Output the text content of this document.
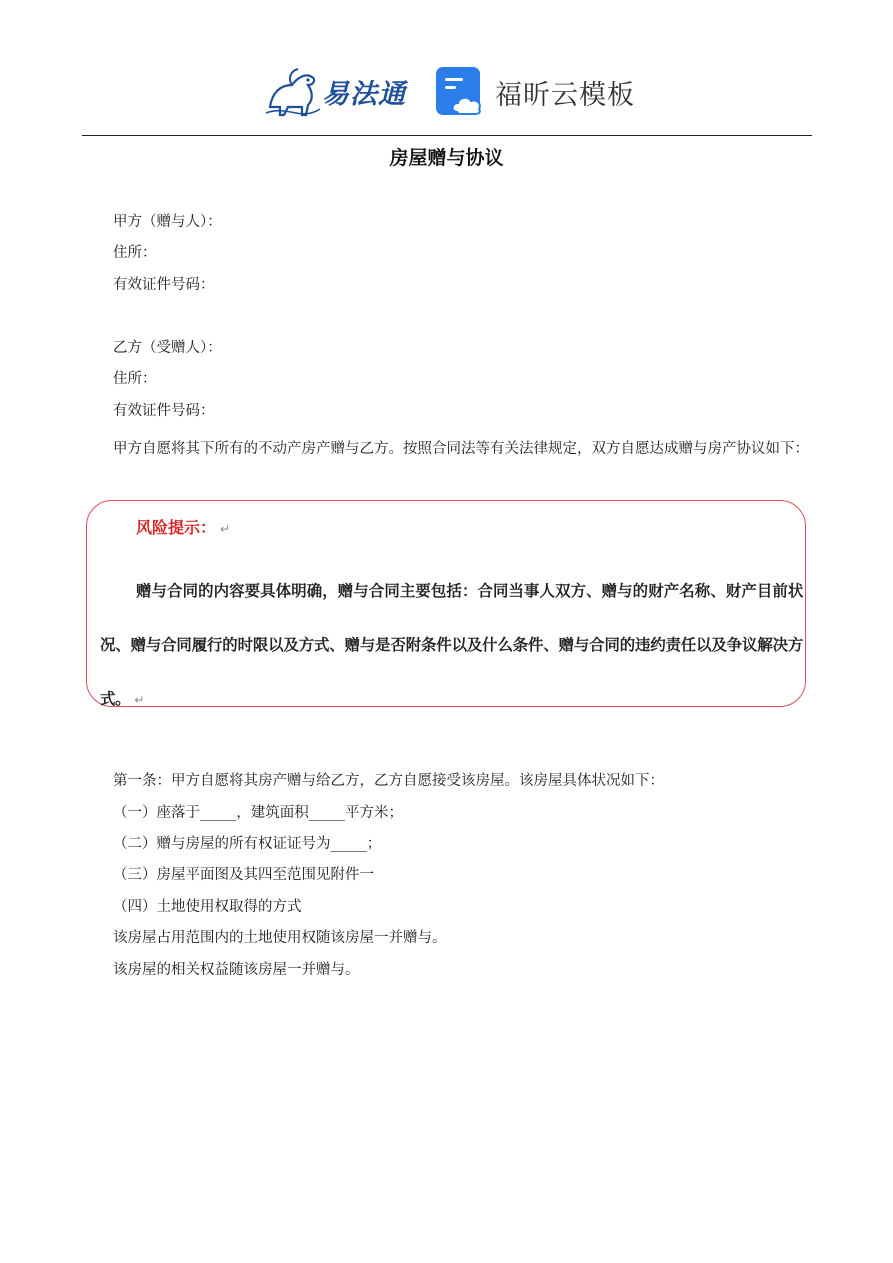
易法通	福昕云模板
房屋赠与协议
甲方（赠与人）：
住所：
有效证件号码：
乙方（受赠人）：
住所：
有效证件号码：
甲方自愿将其下所有的不动产房产赠与乙方。按照合同法等有关法律规定，双方自愿达成赠与房产协议如下：
风险提示： ↵
赠与合同的内容要具体明确，赠与合同主要包括：合同当事人双方、赠与的财产名称、财产目前状况、赠与合同履行的时限以及方式、赠与是否附条件以及什么条件、赠与合同的违约责任以及争议解决方式。 ↵
第一条：甲方自愿将其房产赠与给乙方，乙方自愿接受该房屋。该房屋具体状况如下：
（一）座落于_____，建筑面积_____平方米；
（二）赠与房屋的所有权证证号为_____；
（三）房屋平面图及其四至范围见附件一
（四）土地使用权取得的方式
该房屋占用范围内的土地使用权随该房屋一并赠与。
该房屋的相关权益随该房屋一并赠与。
